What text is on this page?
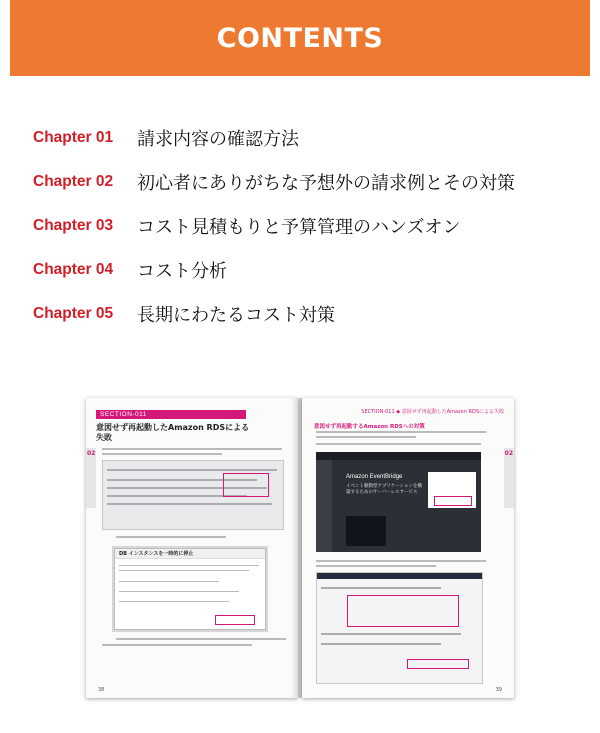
CONTENTS
Chapter 01	請求内容の確認方法
Chapter 02	初心者にありがちな予想外の請求例とその対策
Chapter 03	コスト見積もりと予算管理のハンズオン
Chapter 04	コスト分析
Chapter 05	長期にわたるコスト対策
SECTION-011
意図せず再起動したAmazon RDSによる失敗
02
DB インスタンスを一時的に停止
38
SECTION-011 ◆ 意図せず再起動したAmazon RDSによる失敗
02
意図せず再起動するAmazon RDSへの対策
Amazon EventBridge
イベント駆動型アプリケーションを構築するためのサーバーレスサービス
39
